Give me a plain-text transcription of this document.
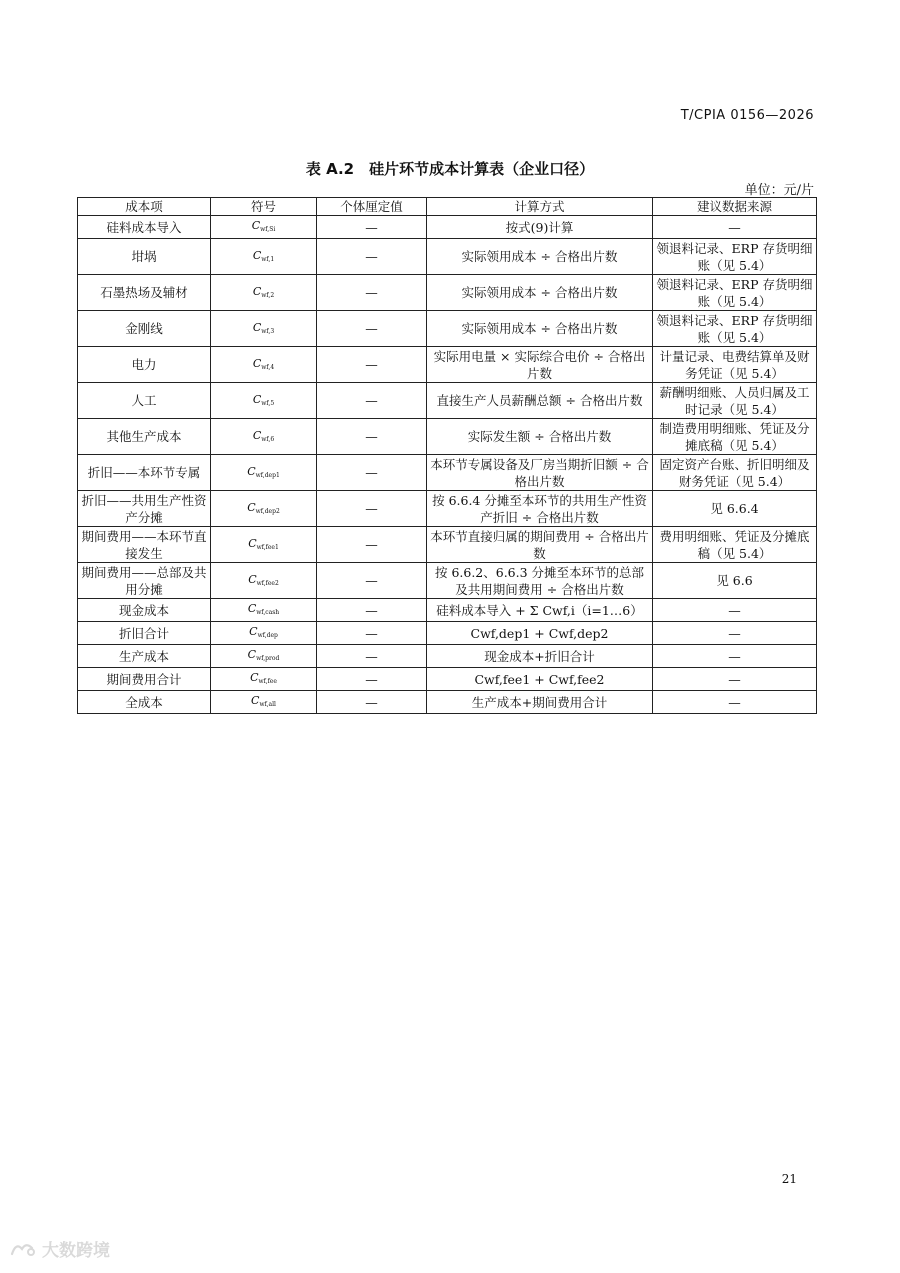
T/CPIA 0156—2026
表 A.2　硅片环节成本计算表（企业口径）
单位：元/片
成本项	符号	个体厘定值	计算方式	建议数据来源
硅料成本导入	$C_{wf,Si}$	—	按式(9)计算	—
坩埚	$C_{wf,1}$	—	实际领用成本 ÷ 合格出片数	领退料记录、ERP 存货明细账（见 5.4）
石墨热场及辅材	$C_{wf,2}$	—	实际领用成本 ÷ 合格出片数	领退料记录、ERP 存货明细账（见 5.4）
金刚线	$C_{wf,3}$	—	实际领用成本 ÷ 合格出片数	领退料记录、ERP 存货明细账（见 5.4）
电力	$C_{wf,4}$	—	实际用电量 × 实际综合电价 ÷ 合格出片数	计量记录、电费结算单及财务凭证（见 5.4）
人工	$C_{wf,5}$	—	直接生产人员薪酬总额 ÷ 合格出片数	薪酬明细账、人员归属及工时记录（见 5.4）
其他生产成本	$C_{wf,6}$	—	实际发生额 ÷ 合格出片数	制造费用明细账、凭证及分摊底稿（见 5.4）
折旧——本环节专属	$C_{wf,dep1}$	—	本环节专属设备及厂房当期折旧额 ÷ 合格出片数	固定资产台账、折旧明细及财务凭证（见 5.4）
折旧——共用生产性资产分摊	$C_{wf,dep2}$	—	按 6.6.4 分摊至本环节的共用生产性资产折旧 ÷ 合格出片数	见 6.6.4
期间费用——本环节直接发生	$C_{wf,fee1}$	—	本环节直接归属的期间费用 ÷ 合格出片数	费用明细账、凭证及分摊底稿（见 5.4）
期间费用——总部及共用分摊	$C_{wf,fee2}$	—	按 6.6.2、6.6.3 分摊至本环节的总部及共用期间费用 ÷ 合格出片数	见 6.6
现金成本	$C_{wf,cash}$	—	硅料成本导入 + Σ Cwf,i（i=1…6）	—
折旧合计	$C_{wf,dep}$	—	Cwf,dep1 + Cwf,dep2	—
生产成本	$C_{wf,prod}$	—	现金成本+折旧合计	—
期间费用合计	$C_{wf,fee}$	—	Cwf,fee1 + Cwf,fee2	—
全成本	$C_{wf,all}$	—	生产成本+期间费用合计	—
21
大数跨境
